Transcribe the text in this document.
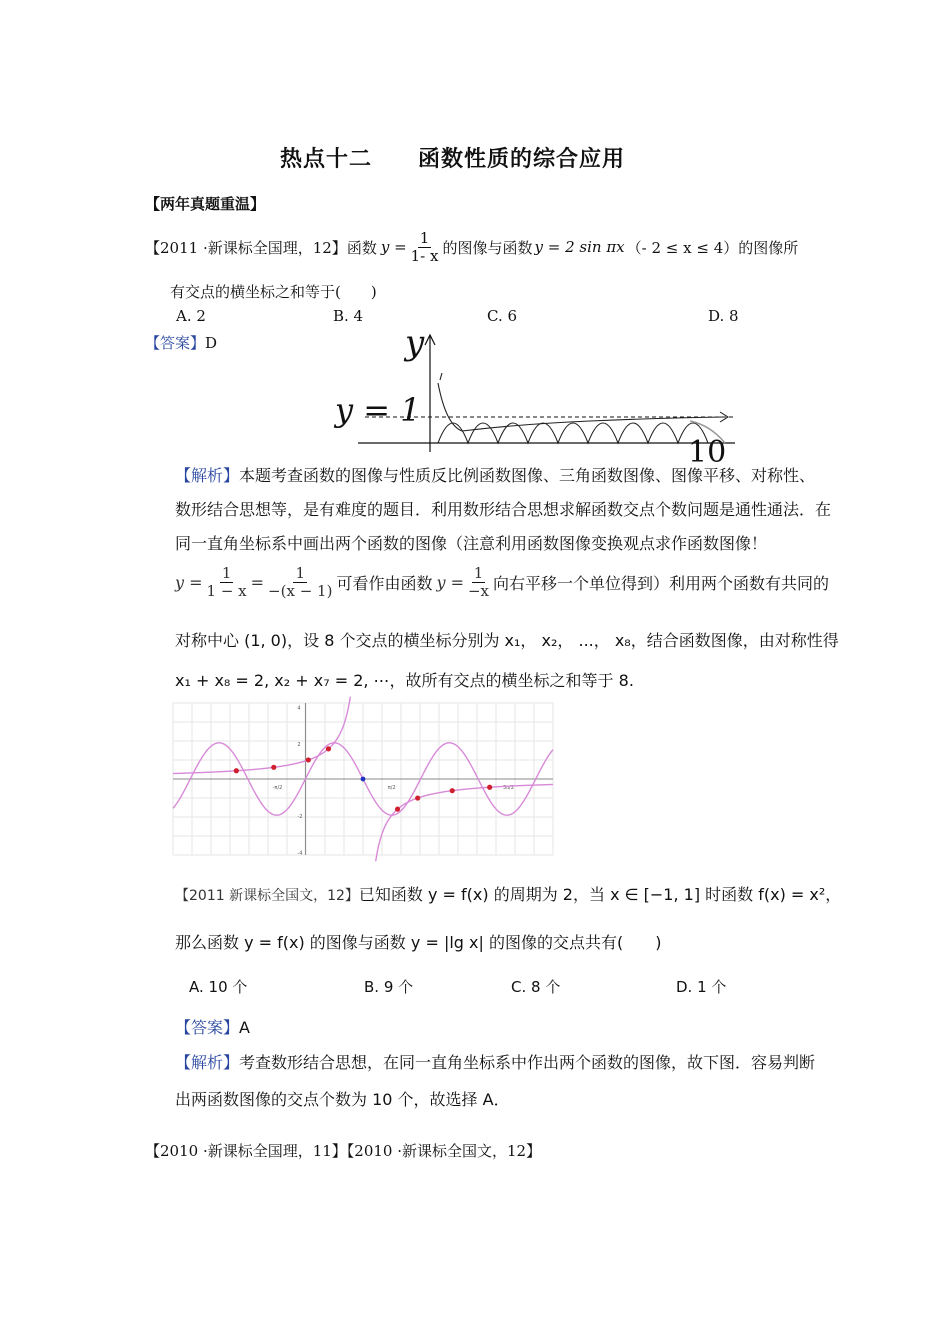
热点十二　　函数性质的综合应用
【两年真题重温】
【2011 ·新课标全国理，12】 函数 $y = \frac{1}{1- x}$ 的图像与函数 y = 2 sin πx （- 2 ≤ x ≤ 4） 的图像所
有交点的横坐标之和等于(　　)
A. 2	B. 4	C. 6	D. 8
【答案】D	y
y = 1
10
【解析】本题考查函数的图像与性质反比例函数图像、三角函数图像、图像平移、对称性、
数形结合思想等，是有难度的题目．利用数形结合思想求解函数交点个数问题是通性通法．在
同一直角坐标系中画出两个函数的图像（注意利用函数图像变换观点求作函数图像！
$y = \frac{1}{1 - x} = \frac{1}{-(x - 1)}$ 可看作由函数 $y = \frac{1}{-x}$ 向右平移一个单位得到）利用两个函数有共同的
对称中心 (1, 0)，设 8 个交点的横坐标分别为 x₁， x₂， ...， x₈，结合函数图像，由对称性得
x₁ + x₈ = 2, x₂ + x₇ = 2, ⋯，故所有交点的横坐标之和等于 8.
4
2
-2
-4
-π/2	π/2	3π/2
【2011 新课标全国文，12】已知函数 y = f(x) 的周期为 2，当 x ∈ [−1, 1] 时函数 f(x) = x²，
那么函数 y = f(x) 的图像与函数 y = |lg x| 的图像的交点共有(　　)
A. 10 个	B. 9 个	C. 8 个	D. 1 个
【答案】A
【解析】考查数形结合思想，在同一直角坐标系中作出两个函数的图像，故下图．容易判断
出两函数图像的交点个数为 10 个，故选择 A．
【2010 ·新课标全国理，11】【2010 ·新课标全国文，12】
